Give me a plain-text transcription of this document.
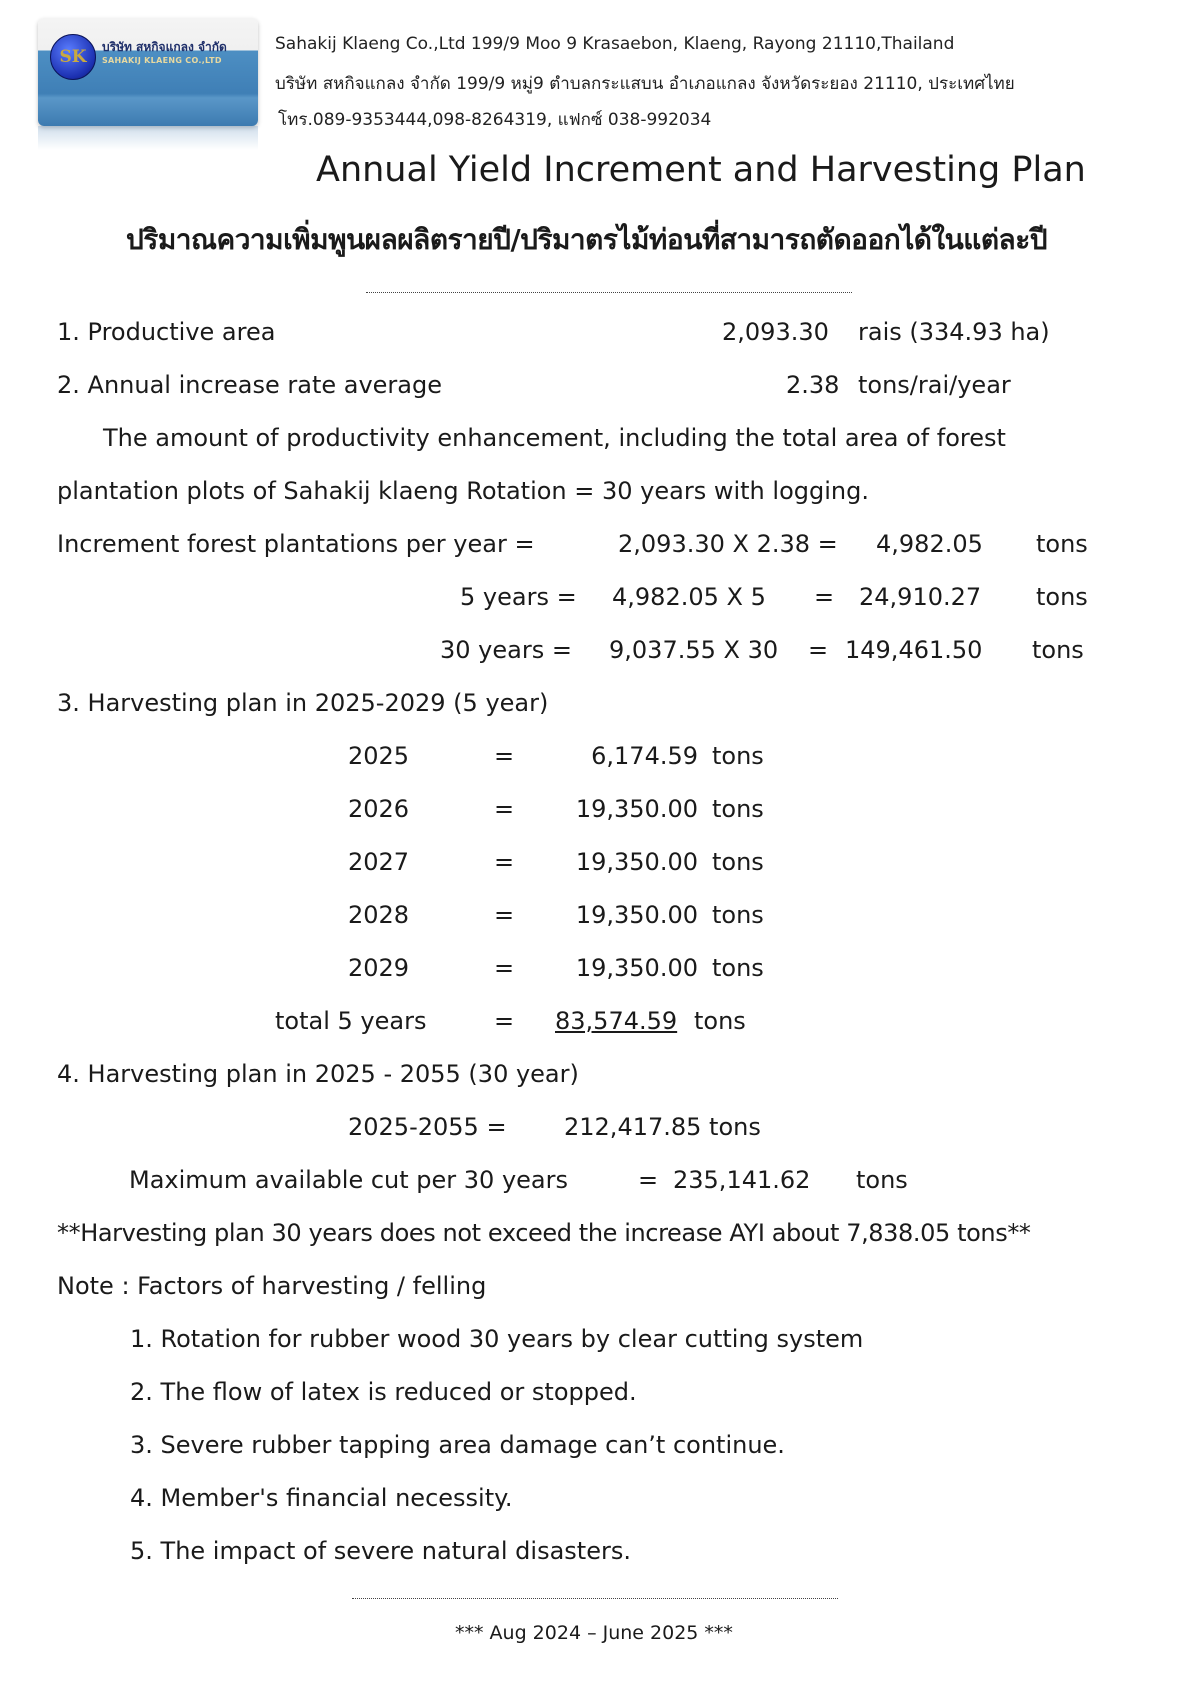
SK	บริษัท สหกิจแกลง จำกัด
SAHAKIJ KLAENG CO.,LTD
Sahakij Klaeng Co.,Ltd 199/9 Moo 9 Krasaebon, Klaeng, Rayong 21110,Thailand
บริษัท สหกิจแกลง จำกัด 199/9 หมู่9 ตำบลกระแสบน อำเภอแกลง จังหวัดระยอง 21110, ประเทศไทย
โทร.089-9353444,098-8264319, แฟกซ์ 038-992034
Annual Yield Increment and Harvesting Plan
ปริมาณความเพิ่มพูนผลผลิตรายปี/ปริมาตรไม้ท่อนที่สามารถตัดออกได้ในแต่ละปี
1. Productive area	2,093.30 rais (334.93 ha)
2. Annual increase rate average	2.38 tons/rai/year
The amount of productivity enhancement, including the total area of forest
plantation plots of Sahakij klaeng Rotation = 30 years with logging.
Increment forest plantations per year =	2,093.30 X 2.38 = 4,982.05 tons
5 years = 4,982.05 X 5 = 24,910.27 tons
30 years = 9,037.55 X 30 = 149,461.50 tons
3. Harvesting plan in 2025-2029 (5 year)
2025	=	6,174.59 tons
2026	=	19,350.00 tons
2027	=	19,350.00 tons
2028	=	19,350.00 tons
2029	=	19,350.00 tons
total 5 years	= 83,574.59 tons
4. Harvesting plan in 2025 - 2055 (30 year)
2025-2055 = 212,417.85 tons
Maximum available cut per 30 years	= 235,141.62 tons
**Harvesting plan 30 years does not exceed the increase AYI about 7,838.05 tons**
Note : Factors of harvesting / felling
1. Rotation for rubber wood 30 years by clear cutting system
2. The flow of latex is reduced or stopped.
3. Severe rubber tapping area damage can’t continue.
4. Member's financial necessity.
5. The impact of severe natural disasters.
*** Aug 2024 – June 2025 ***
